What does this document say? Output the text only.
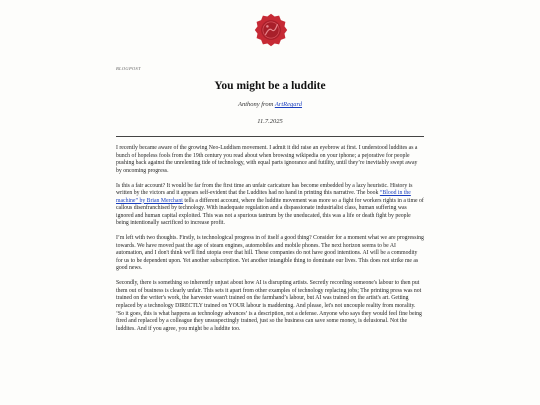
BLOGPOST
You might be a luddite
Anthony from ArtRegard
11.7.2025

I recently became aware of the growing Neo-Luddism movement. I admit it did raise an eyebrow at first. I understood luddites as a bunch of hopeless fools from the 19th century you read about when browsing wikipedia on your iphone; a pejorative for people pushing back against the unrelenting tide of technology, with equal parts ignorance and futility, until they’re inevitably swept away by oncoming progress.

Is this a fair account? It would be far from the first time an unfair caricature has become embedded by a lazy heuristic. History is written by the victors and it appears self-evident that the Luddites had no hand in printing this narrative. The book “Blood in the machine” by Brian Merchant tells a different account, where the luddite movement was more so a fight for workers rights in a time of callous disenfranchised by technology. With inadequate regulation and a dispassionate industrialist class, human suffering was ignored and human capital exploited. This was not a spurious tantrum by the uneducated, this was a life or death fight by people being intentionally sacrificed to increase profit.

I’m left with two thoughts. Firstly, is technological progress in of itself a good thing? Consider for a moment what we are progressing towards. We have moved past the age of steam engines, automobiles and mobile phones. The next horizon seems to be AI automation, and I don't think we'll find utopia over that hill. These companies do not have good intentions. AI will be a commodity for us to be dependent upon. Yet another subscription. Yet another intangible thing to dominate our lives. This does not strike me as good news.

Secondly, there is something so inherently unjust about how AI is disrupting artists. Secretly recording someone's labour to then put them out of business is clearly unfair. This sets it apart from other examples of technology replacing jobs; The printing press was not trained on the writer's work, the harvester wasn't trained on the farmhand’s labour, but AI was trained on the artist's art. Getting replaced by a technology DIRECTLY trained on YOUR labour is maddening. And please, let's not uncouple reality from morality. ‘So it goes, this is what happens as technology advances’ is a description, not a defense. Anyone who says they would feel fine being fired and replaced by a colleague they unsuspectingly trained, just so the business can save some money, is delusional. Not the luddites. And if you agree, you might be a luddite too.
